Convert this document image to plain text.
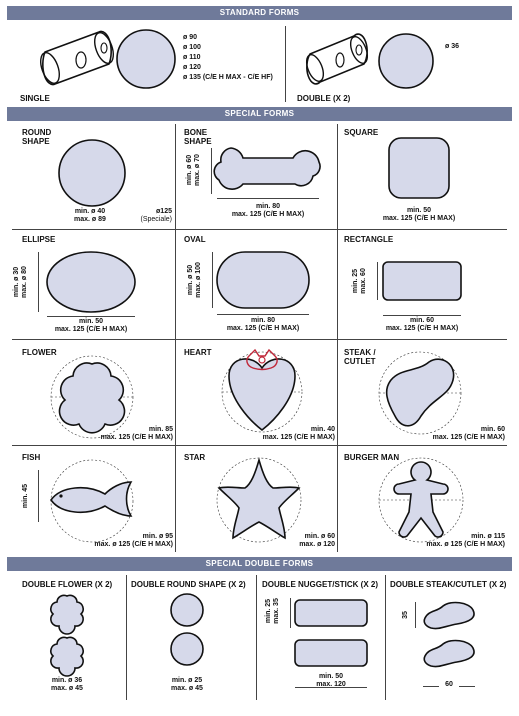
STANDARD FORMS
ø 90
ø 100
ø 110
ø 120
ø 135 (C/E H MAX - C/E HF)
SINGLE
ø 36
DOUBLE (X 2)
SPECIAL FORMS
ROUND SHAPE
min. ø 40
max. ø 89
ø125
(Speciale)
BONE SHAPE
min. ø 60 max. ø 70
min. 80
max. 125 (C/E H MAX)
SQUARE
min. 50
max. 125 (C/E H MAX)
ELLIPSE
min. ø 30 max. ø 80
min. 50
max. 125 (C/E H MAX)
OVAL
min. ø 50 max. ø 100
min. 80
max. 125 (C/E H MAX)
RECTANGLE
min. 25 max. 60
min. 60
max. 125 (C/E H MAX)
FLOWER
min. 85
max. 125 (C/E H MAX)
HEART
min. 40
max. 125 (C/E H MAX)
STEAK / CUTLET
min. 60
max. 125 (C/E H MAX)
FISH
min. 45
min. ø 95
max. ø 125 (C/E H MAX)
STAR
min. ø 60
max. ø 120
BURGER MAN
min. ø 115
max. ø 125 (C/E H MAX)
SPECIAL DOUBLE FORMS
DOUBLE FLOWER (X 2)
min. ø 36
max. ø 45
DOUBLE ROUND SHAPE (X 2)
min. ø 25
max. ø 45
DOUBLE NUGGET/STICK (X 2)
min. 25 max. 35
min. 50
max. 120
DOUBLE STEAK/CUTLET (X 2)
35
60
